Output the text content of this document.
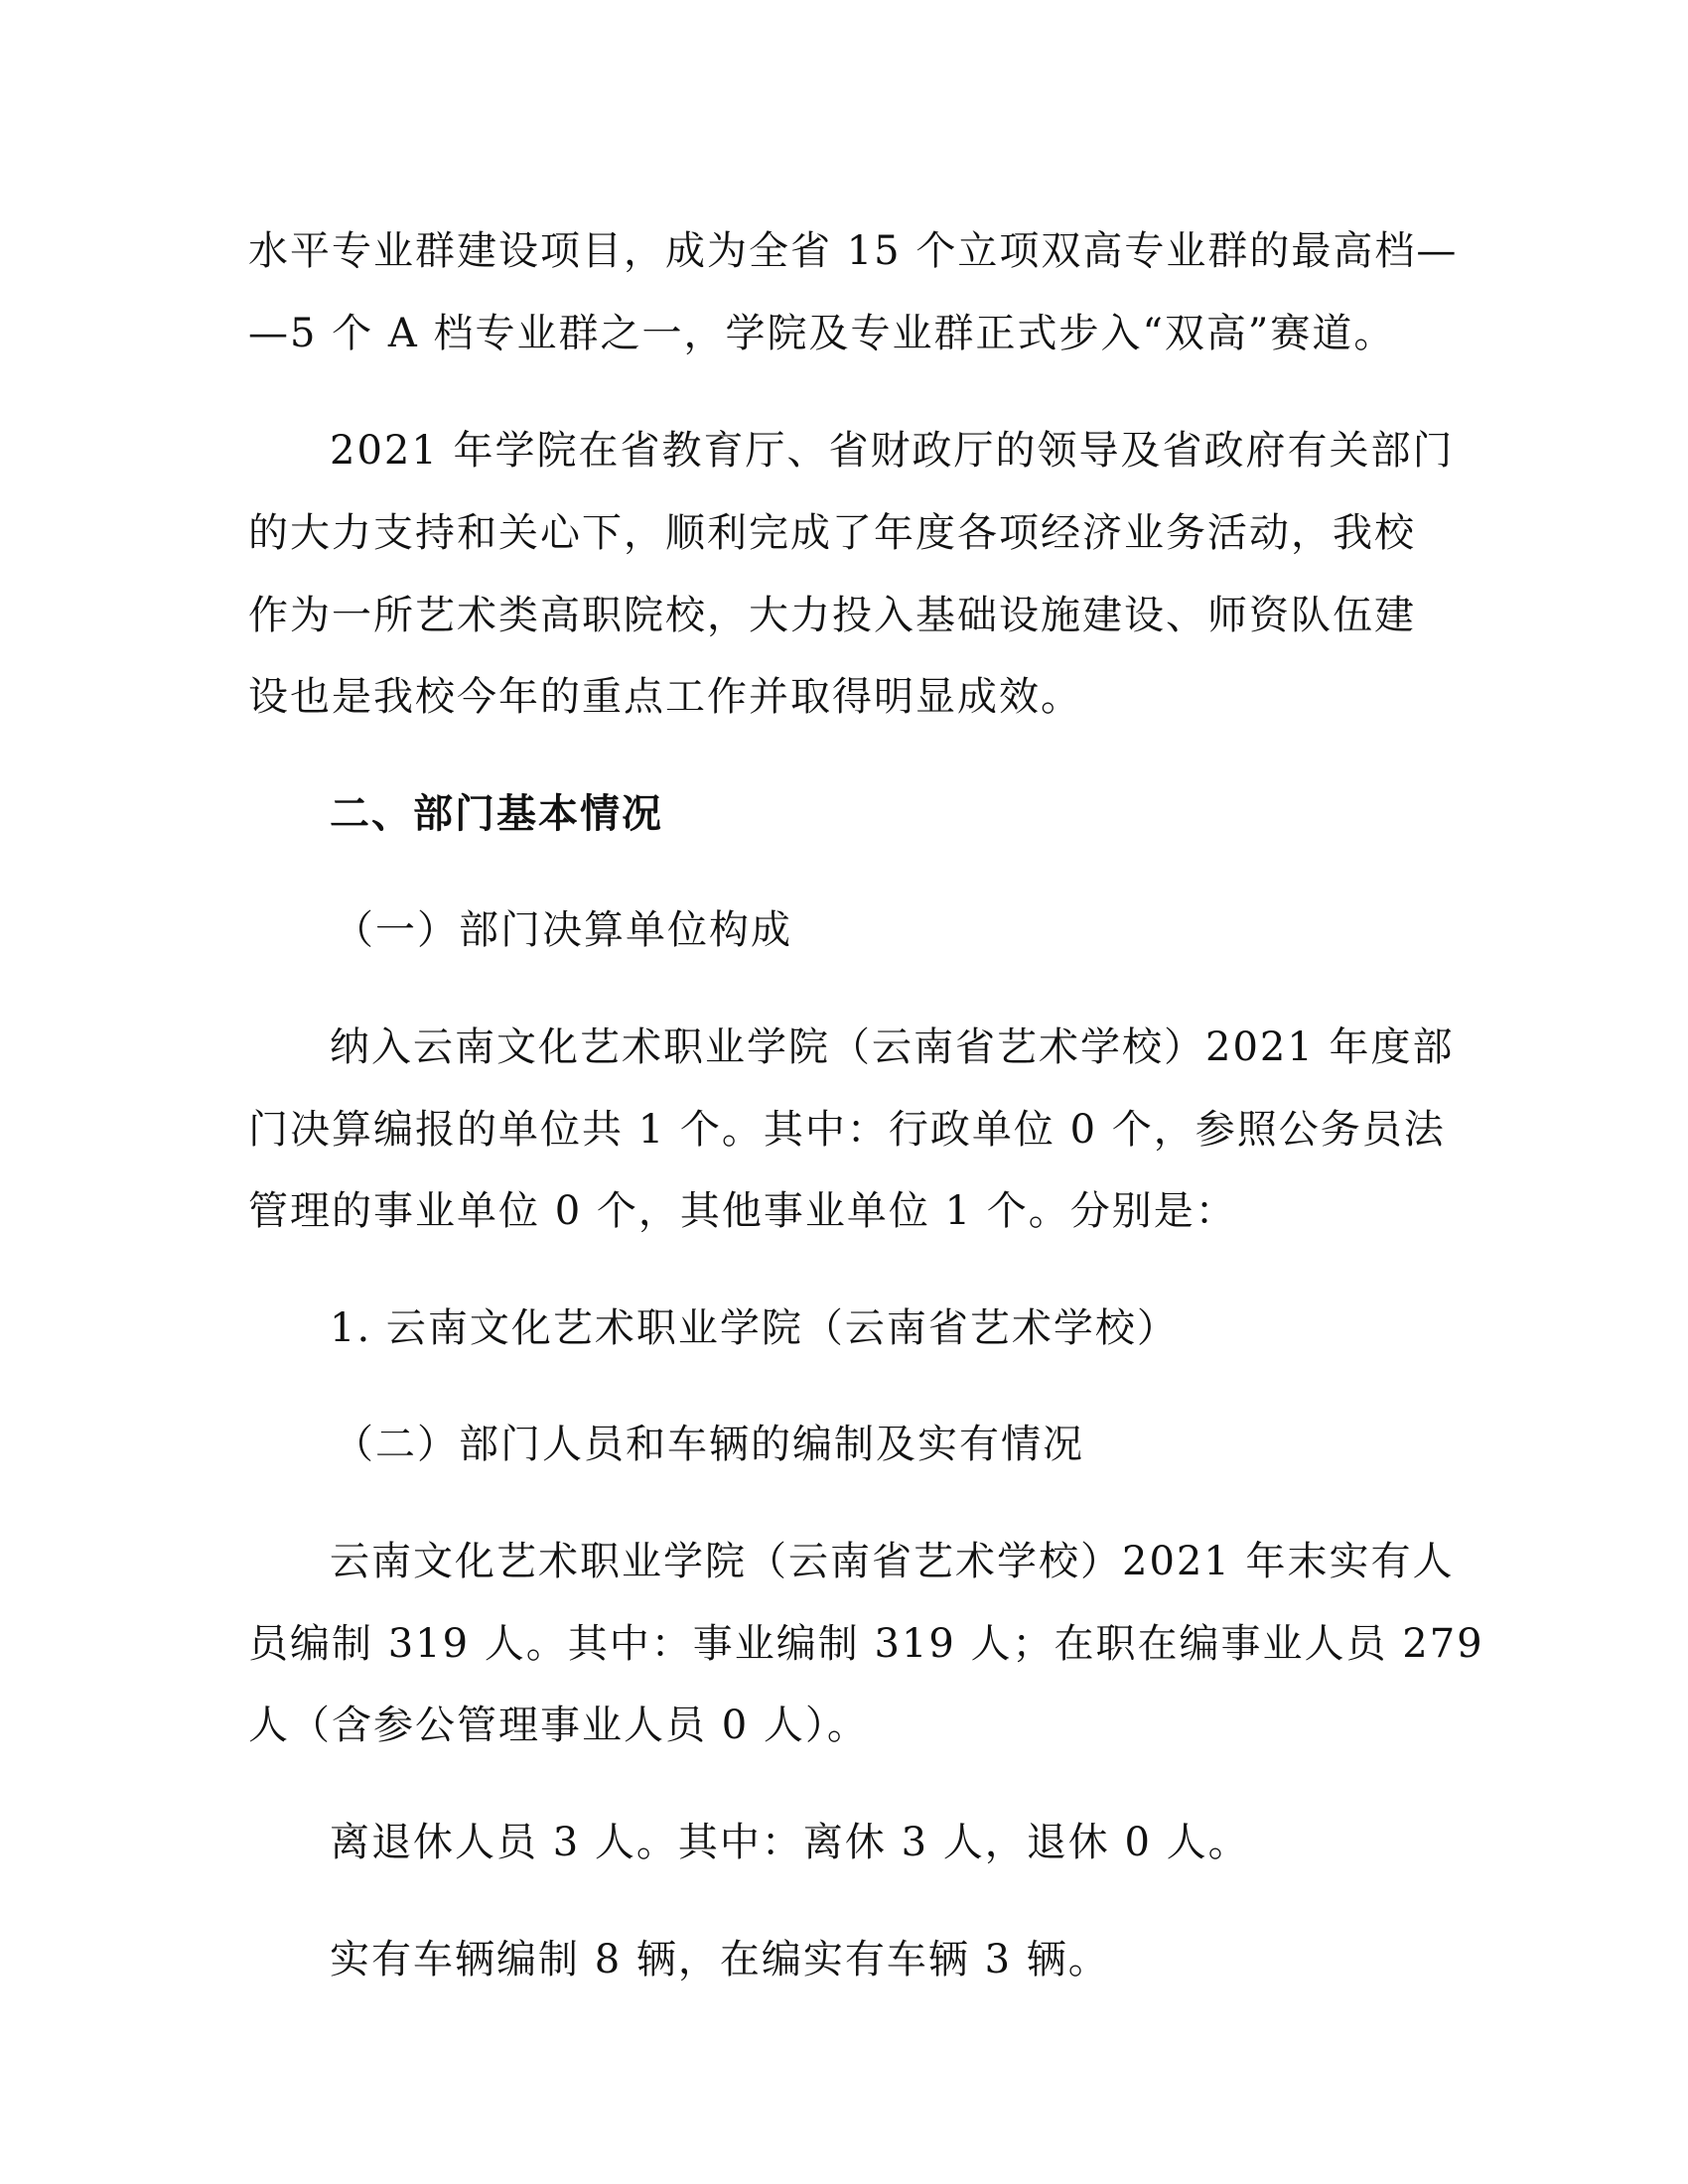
水平专业群建设项目，成为全省 15 个立项双高专业群的最高档—
—5 个 A 档专业群之一，学院及专业群正式步入“双高”赛道。
2021 年学院在省教育厅、省财政厅的领导及省政府有关部门
的大力支持和关心下，顺利完成了年度各项经济业务活动，我校
作为一所艺术类高职院校，大力投入基础设施建设、师资队伍建
设也是我校今年的重点工作并取得明显成效。
二、部门基本情况
（一）部门决算单位构成
纳入云南文化艺术职业学院（云南省艺术学校）2021 年度部
门决算编报的单位共 1 个。其中：行政单位 0 个，参照公务员法
管理的事业单位 0 个，其他事业单位 1 个。分别是：
1. 云南文化艺术职业学院（云南省艺术学校）
（二）部门人员和车辆的编制及实有情况
云南文化艺术职业学院（云南省艺术学校）2021 年末实有人
员编制 319 人。其中：事业编制 319 人；在职在编事业人员 279
人（含参公管理事业人员 0 人）。
离退休人员 3 人。其中：离休 3 人，退休 0 人。
实有车辆编制 8 辆，在编实有车辆 3 辆。
